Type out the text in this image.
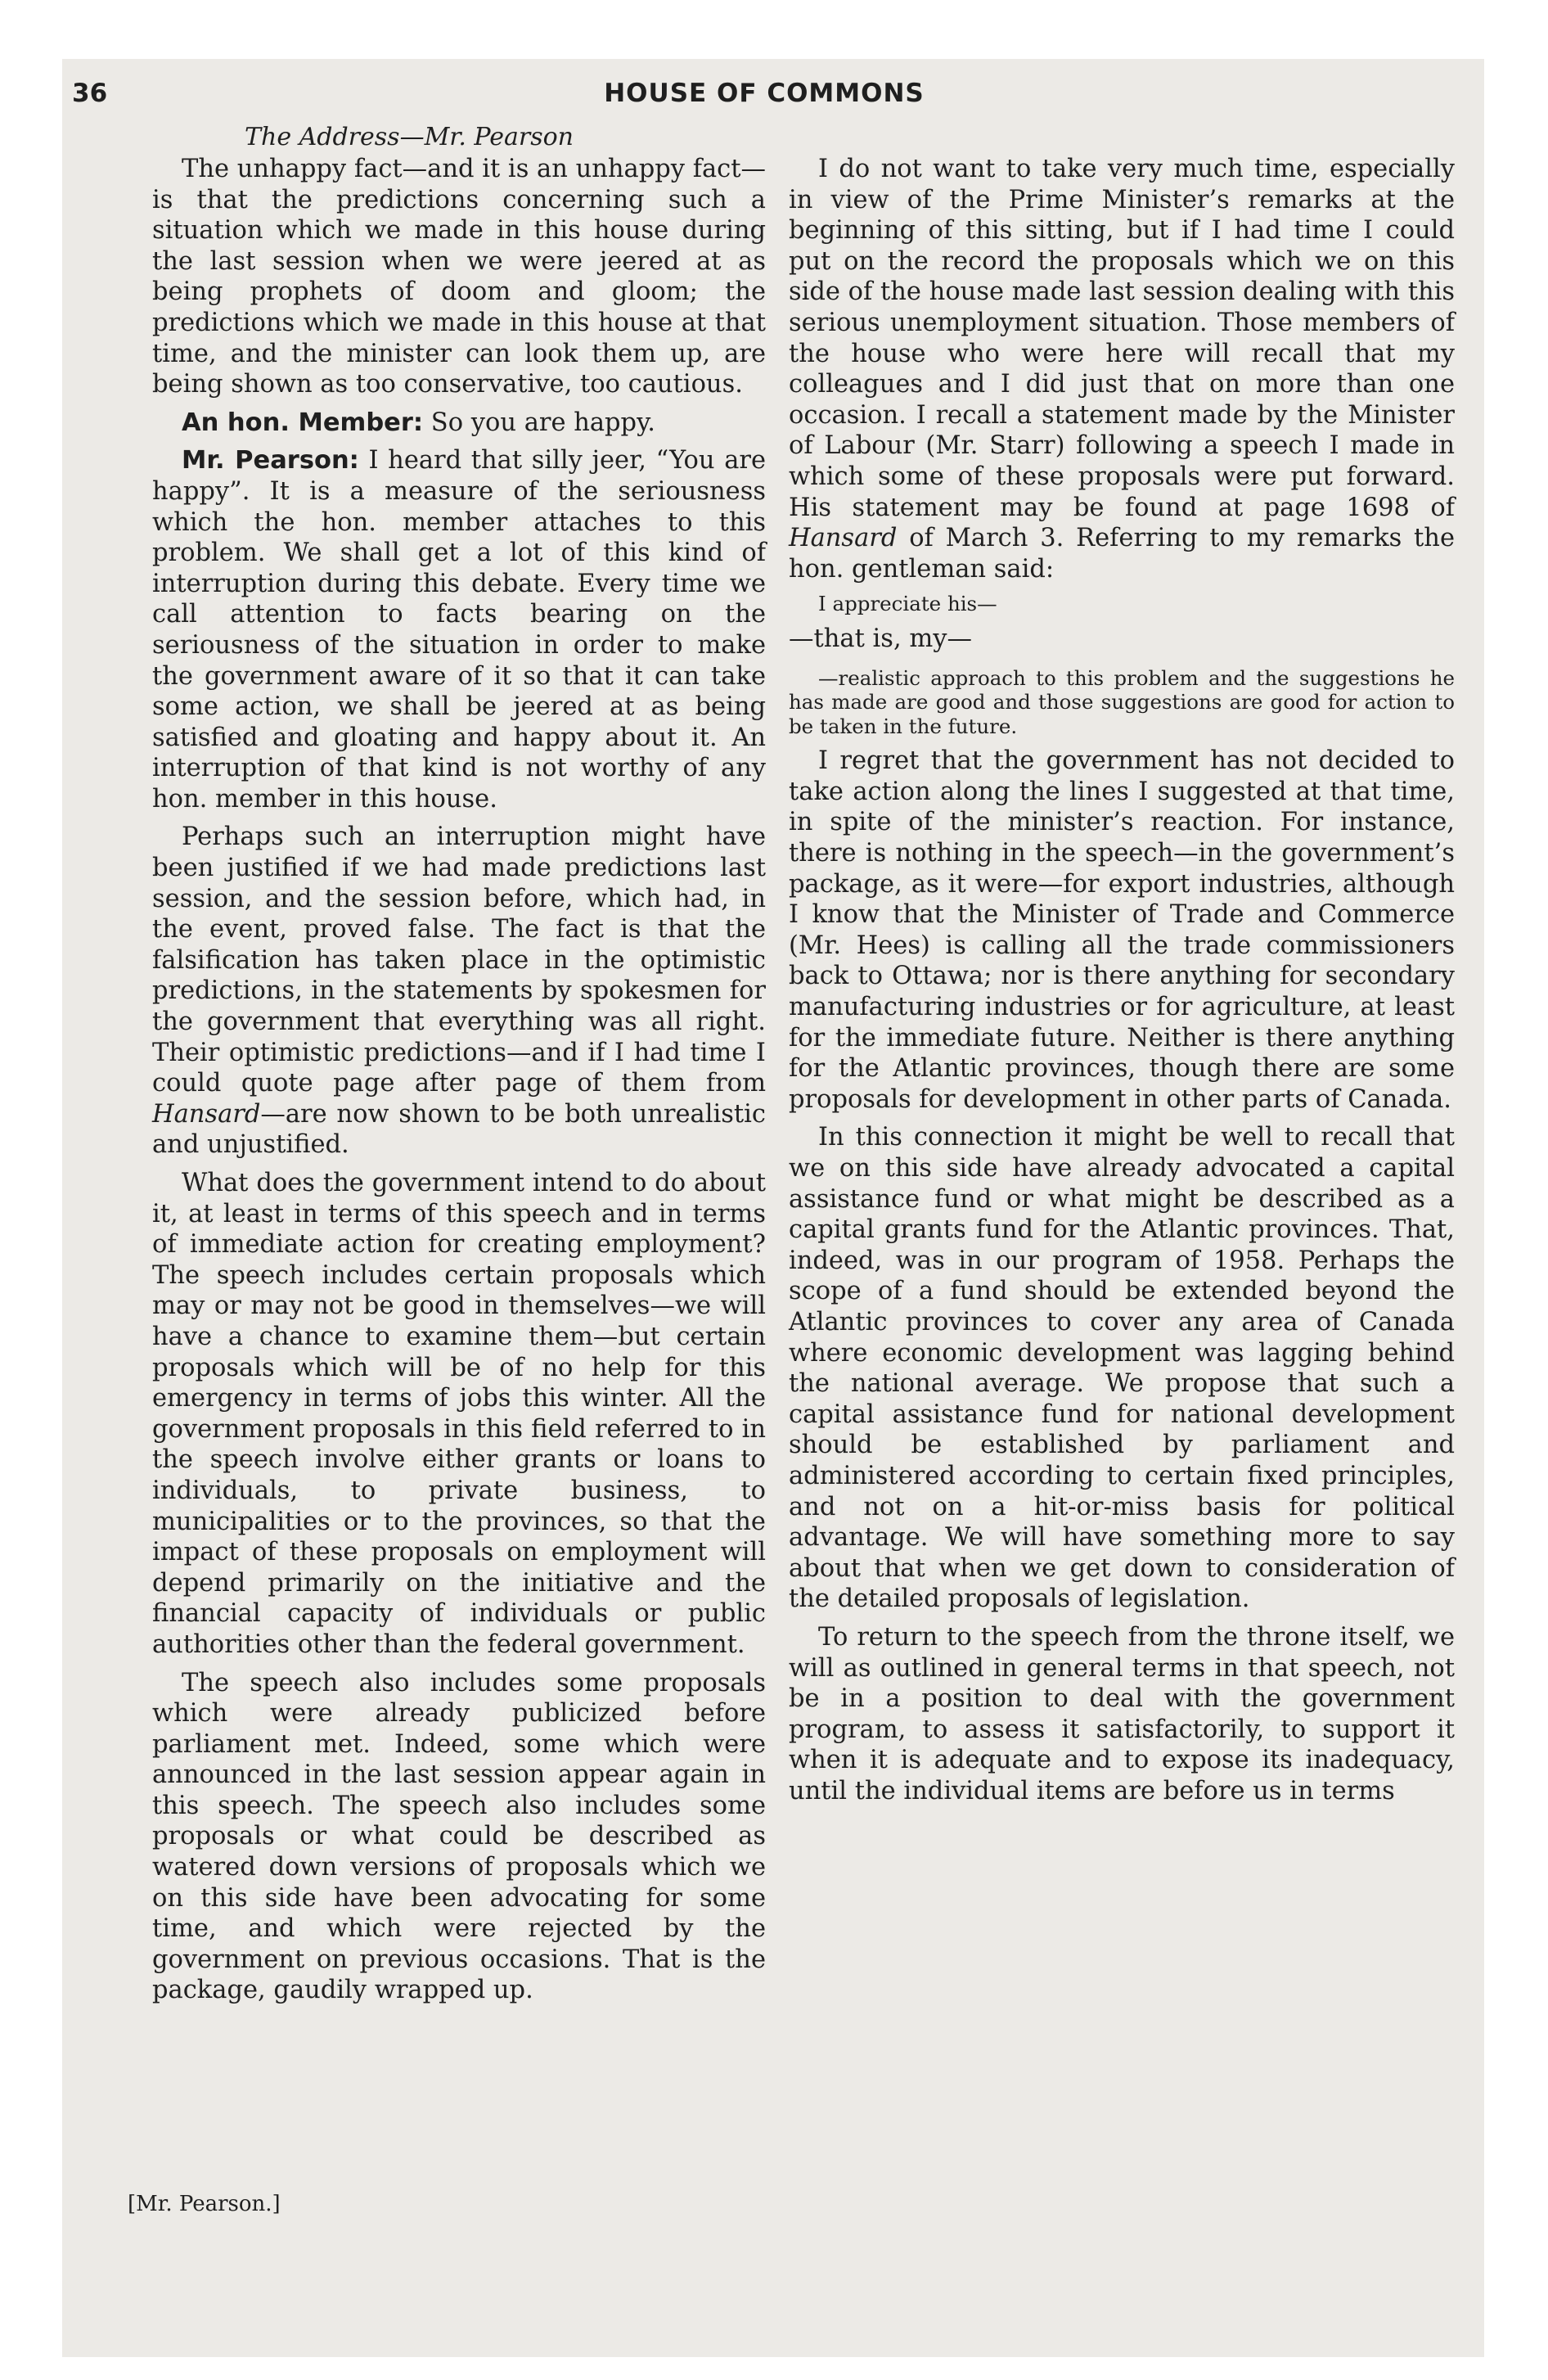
36	HOUSE OF COMMONS
The Address—Mr. Pearson

The unhappy fact—and it is an unhappy fact—is that the predictions concerning such a situation which we made in this house during the last session when we were jeered at as being prophets of doom and gloom; the predictions which we made in this house at that time, and the minister can look them up, are being shown as too conservative, too cautious.

An hon. Member: So you are happy.

Mr. Pearson: I heard that silly jeer, “You are happy”. It is a measure of the seriousness which the hon. member attaches to this problem. We shall get a lot of this kind of interruption during this debate. Every time we call attention to facts bearing on the seriousness of the situation in order to make the government aware of it so that it can take some action, we shall be jeered at as being satisfied and gloating and happy about it. An interruption of that kind is not worthy of any hon. member in this house.

Perhaps such an interruption might have been justified if we had made predictions last session, and the session before, which had, in the event, proved false. The fact is that the falsification has taken place in the optimistic predictions, in the statements by spokesmen for the government that everything was all right. Their optimistic predictions—and if I had time I could quote page after page of them from Hansard—are now shown to be both unrealistic and unjustified.

What does the government intend to do about it, at least in terms of this speech and in terms of immediate action for creating employment? The speech includes certain proposals which may or may not be good in themselves—we will have a chance to examine them—but certain proposals which will be of no help for this emergency in terms of jobs this winter. All the government proposals in this field referred to in the speech involve either grants or loans to individuals, to private business, to municipalities or to the provinces, so that the impact of these proposals on employment will depend primarily on the initiative and the financial capacity of individuals or public authorities other than the federal government.

The speech also includes some proposals which were already publicized before parliament met. Indeed, some which were announced in the last session appear again in this speech. The speech also includes some proposals or what could be described as watered down versions of proposals which we on this side have been advocating for some time, and which were rejected by the government on previous occasions. That is the package, gaudily wrapped up.

I do not want to take very much time, especially in view of the Prime Minister’s remarks at the beginning of this sitting, but if I had time I could put on the record the proposals which we on this side of the house made last session dealing with this serious unemployment situation. Those members of the house who were here will recall that my colleagues and I did just that on more than one occasion. I recall a statement made by the Minister of Labour (Mr. Starr) following a speech I made in which some of these proposals were put forward. His statement may be found at page 1698 of Hansard of March 3. Referring to my remarks the hon. gentleman said:

I appreciate his—

—that is, my—

—realistic approach to this problem and the suggestions he has made are good and those suggestions are good for action to be taken in the future.

I regret that the government has not decided to take action along the lines I suggested at that time, in spite of the minister’s reaction. For instance, there is nothing in the speech—in the government’s package, as it were—for export industries, although I know that the Minister of Trade and Commerce (Mr. Hees) is calling all the trade commissioners back to Ottawa; nor is there anything for secondary manufacturing industries or for agriculture, at least for the immediate future. Neither is there anything for the Atlantic provinces, though there are some proposals for development in other parts of Canada.

In this connection it might be well to recall that we on this side have already advocated a capital assistance fund or what might be described as a capital grants fund for the Atlantic provinces. That, indeed, was in our program of 1958. Perhaps the scope of a fund should be extended beyond the Atlantic provinces to cover any area of Canada where economic development was lagging behind the national average. We propose that such a capital assistance fund for national development should be established by parliament and administered according to certain fixed principles, and not on a hit-or-miss basis for political advantage. We will have something more to say about that when we get down to consideration of the detailed proposals of legislation.

To return to the speech from the throne itself, we will as outlined in general terms in that speech, not be in a position to deal with the government program, to assess it satisfactorily, to support it when it is adequate and to expose its inadequacy, until the individual items are before us in terms

[Mr. Pearson.]
